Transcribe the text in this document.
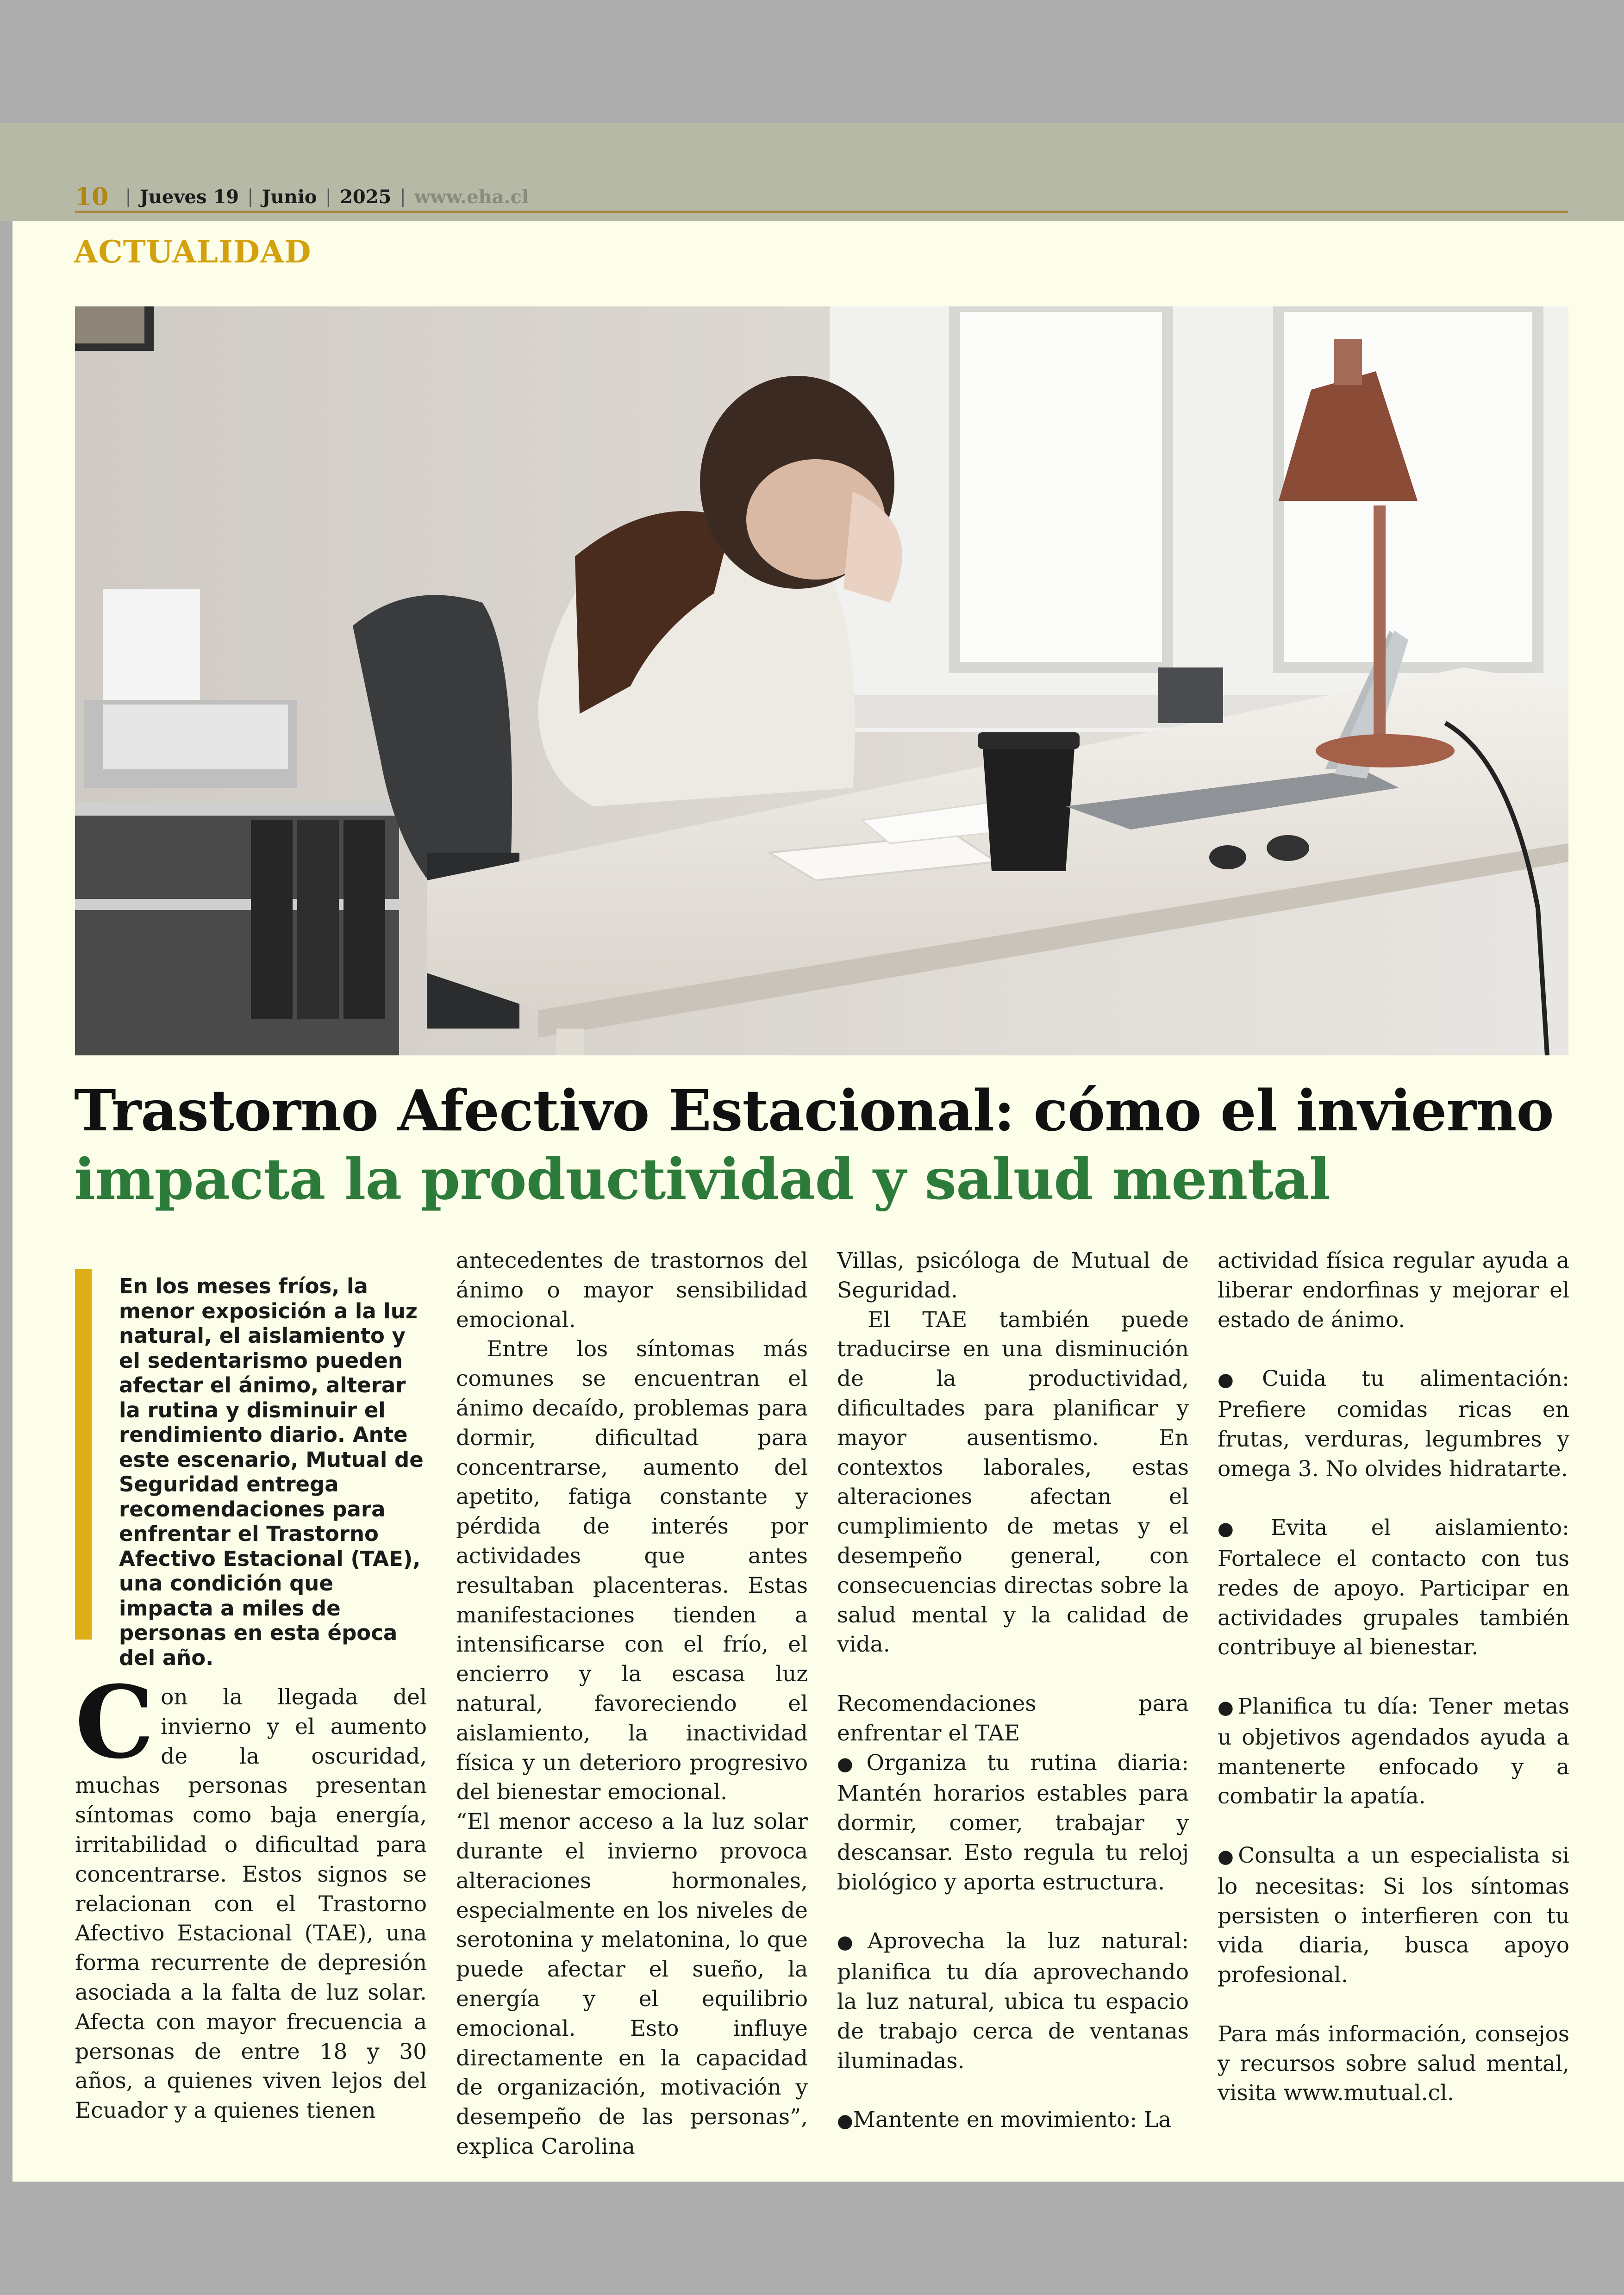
10 | Jueves 19 | Junio | 2025 | www.eha.cl
ACTUALIDAD
Trastorno Afectivo Estacional: cómo el invierno
impacta la productividad y salud mental
En los meses fríos, la menor exposición a la luz natural, el aislamiento y el sedentarismo pueden afectar el ánimo, alterar la rutina y disminuir el rendimiento diario. Ante este escenario, Mutual de Seguridad entrega recomendaciones para enfrentar el Trastorno Afectivo Estacional (TAE), una condición que impacta a miles de personas en esta época del año.

Con la llegada del invierno y el aumento de la oscuridad, muchas personas presentan síntomas como baja energía, irritabilidad o dificultad para concentrarse. Estos signos se relacionan con el Trastorno Afectivo Estacional (TAE), una forma recurrente de depresión asociada a la falta de luz solar. Afecta con mayor frecuencia a personas de entre 18 y 30 años, a quienes viven lejos del Ecuador y a quienes tienen

antecedentes de trastornos del ánimo o mayor sensibilidad emocional.

Entre los síntomas más comunes se encuentran el ánimo decaído, problemas para dormir, dificultad para concentrarse, aumento del apetito, fatiga constante y pérdida de interés por actividades que antes resultaban placenteras. Estas manifestaciones tienden a intensificarse con el frío, el encierro y la escasa luz natural, favoreciendo el aislamiento, la inactividad física y un deterioro progresivo del bienestar emocional.

“El menor acceso a la luz solar durante el invierno provoca alteraciones hormonales, especialmente en los niveles de serotonina y melatonina, lo que puede afectar el sueño, la energía y el equilibrio emocional. Esto influye directamente en la capacidad de organización, motivación y desempeño de las personas”, explica Carolina

Villas, psicóloga de Mutual de Seguridad.

El TAE también puede traducirse en una disminución de la productividad, dificultades para planificar y mayor ausentismo. En contextos laborales, estas alteraciones afectan el cumplimiento de metas y el desempeño general, con consecuencias directas sobre la salud mental y la calidad de vida.

Recomendaciones para enfrentar el TAE

●Organiza tu rutina diaria: Mantén horarios estables para dormir, comer, trabajar y descansar. Esto regula tu reloj biológico y aporta estructura.

●Aprovecha la luz natural: planifica tu día aprovechando la luz natural, ubica tu espacio de trabajo cerca de ventanas iluminadas.

●Mantente en movimiento: La

actividad física regular ayuda a liberar endorfinas y mejorar el estado de ánimo.

●Cuida tu alimentación: Prefiere comidas ricas en frutas, verduras, legumbres y omega 3. No olvides hidratarte.

●Evita el aislamiento: Fortalece el contacto con tus redes de apoyo. Participar en actividades grupales también contribuye al bienestar.

●Planifica tu día: Tener metas u objetivos agendados ayuda a mantenerte enfocado y a combatir la apatía.

●Consulta a un especialista si lo necesitas: Si los síntomas persisten o interfieren con tu vida diaria, busca apoyo profesional.

Para más información, consejos y recursos sobre salud mental, visita www.mutual.cl.
